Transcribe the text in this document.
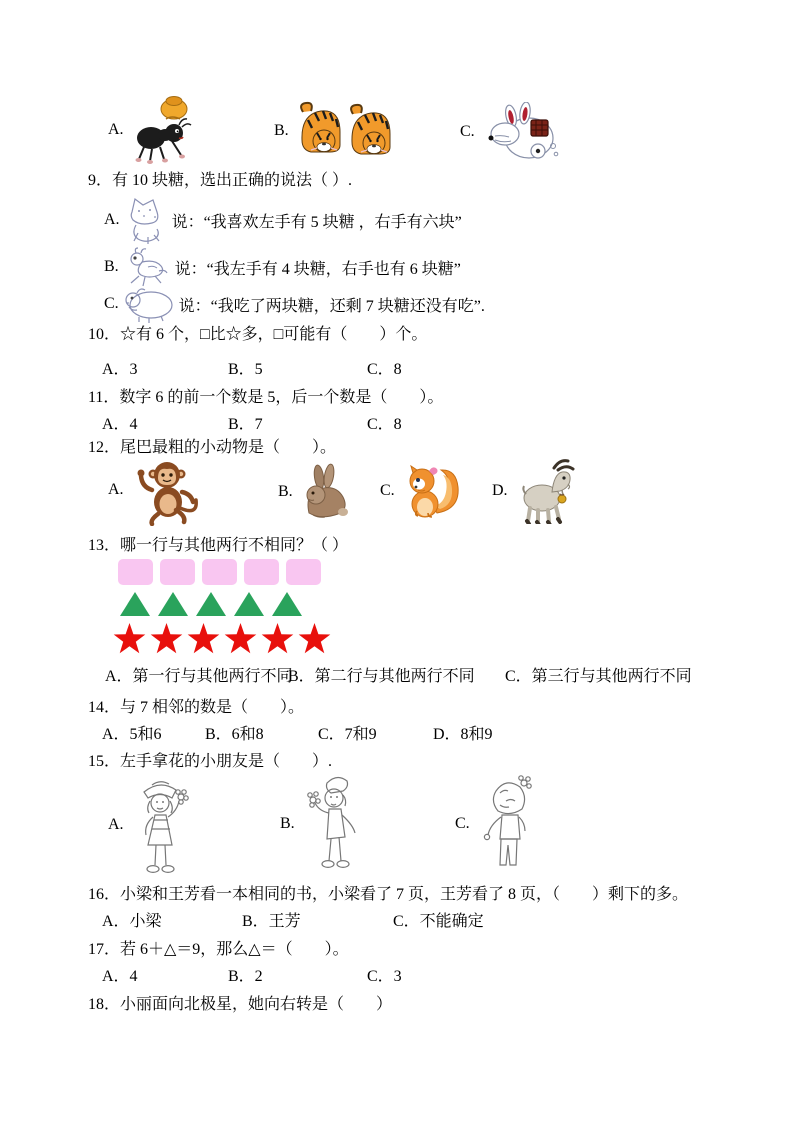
A.	B.	C.
9．有 10 块糖，选出正确的说法（ ）.
A.	说：“我喜欢左手有 5 块糖 ，右手有六块”
B.	说：“我左手有 4 块糖，右手也有 6 块糖”
C.	说：“我吃了两块糖，还剩 7 块糖还没有吃”.
10．☆有 6 个，□比☆多，□可能有（　　）个。
A．3	B．5	C．8
11．数字 6 的前一个数是 5，后一个数是（　　）。
A．4	B．7	C．8
12．尾巴最粗的小动物是（　　）。
A.	B.	C.	D.
13．哪一行与其他两行不相同？（ ）
A．第一行与其他两行不同
B．第二行与其他两行不同 C．第三行与其他两行不同
14．与 7 相邻的数是（　　）。
A．5和6	B．6和8	C．7和9	D．8和9
15．左手拿花的小朋友是（　　）.
A.	B.	C.
16．小梁和王芳看一本相同的书，小梁看了 7 页，王芳看了 8 页，（　　）剩下的多。
A．小梁	B．王芳	C．不能确定
17．若 6＋△＝9，那么△＝（　　）。
A．4	B．2	C．3
18．小丽面向北极星，她向右转是（　　）
